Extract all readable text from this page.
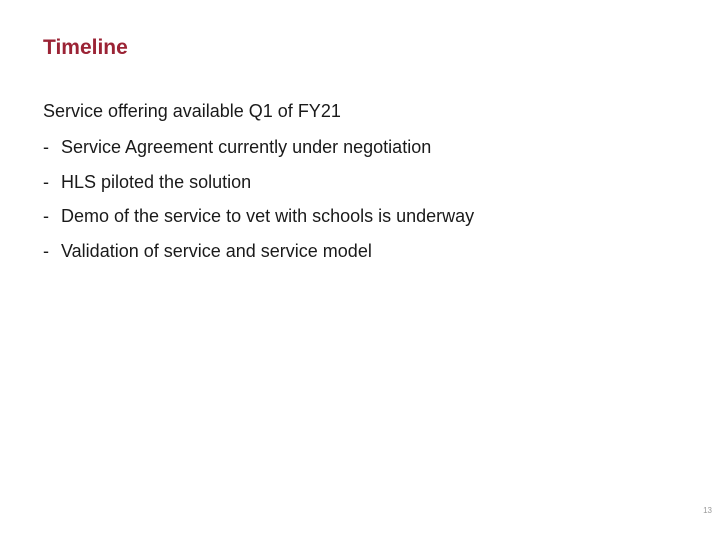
Timeline
Service offering available Q1 of FY21
- Service Agreement currently under negotiation
- HLS piloted the solution
- Demo of the service to vet with schools is underway
- Validation of service and service model
13
